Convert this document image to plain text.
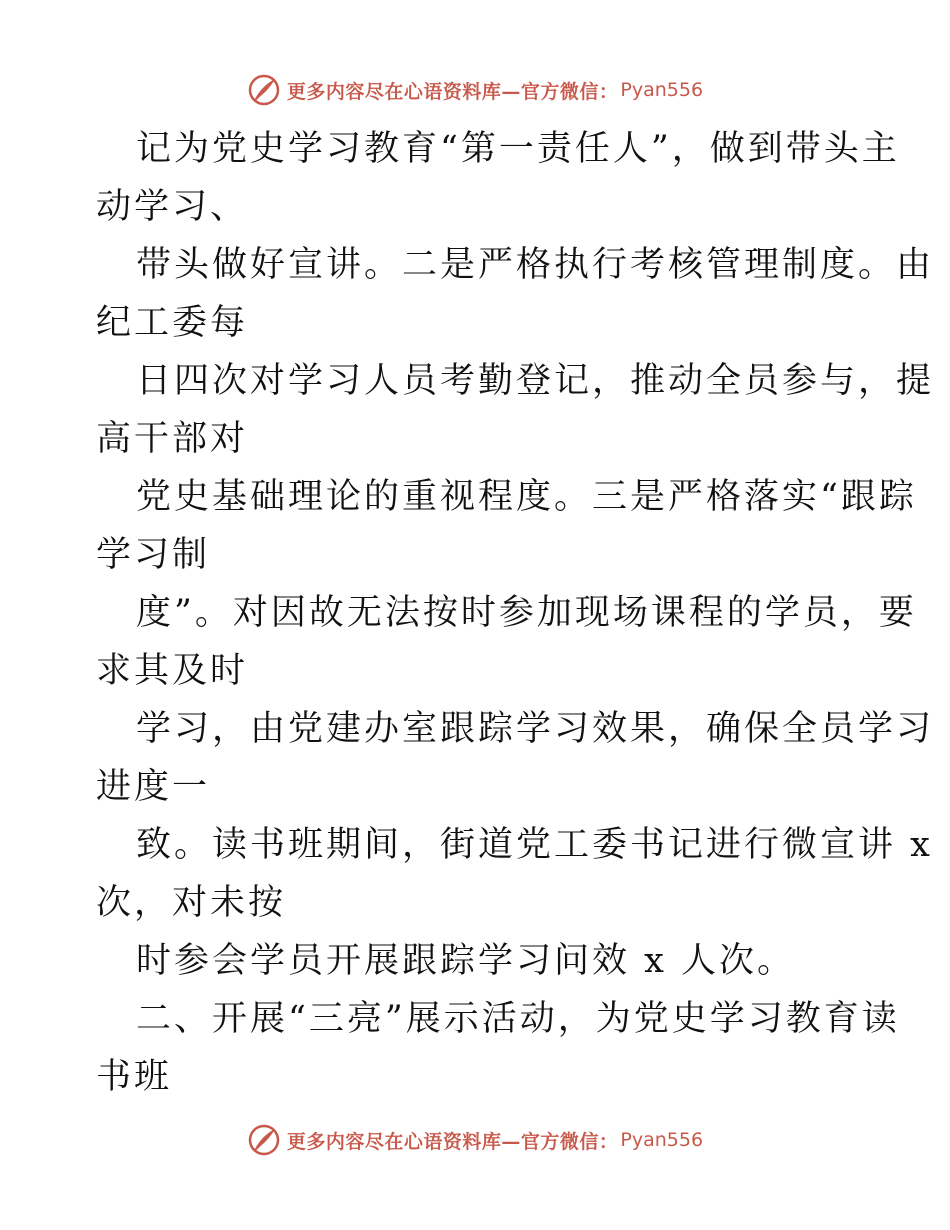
更多内容尽在心语资料库—官方微信： Pyan556
记为党史学习教育“第一责任人”，做到带头主
动学习、
带头做好宣讲。二是严格执行考核管理制度。由
纪工委每
日四次对学习人员考勤登记，推动全员参与，提
高干部对
党史基础理论的重视程度。三是严格落实“跟踪
学习制
度”。对因故无法按时参加现场课程的学员，要
求其及时
学习，由党建办室跟踪学习效果，确保全员学习
进度一
致。读书班期间，街道党工委书记进行微宣讲 x
次，对未按
时参会学员开展跟踪学习问效 x 人次。
二、开展“三亮”展示活动，为党史学习教育读
书班
更多内容尽在心语资料库—官方微信： Pyan556
